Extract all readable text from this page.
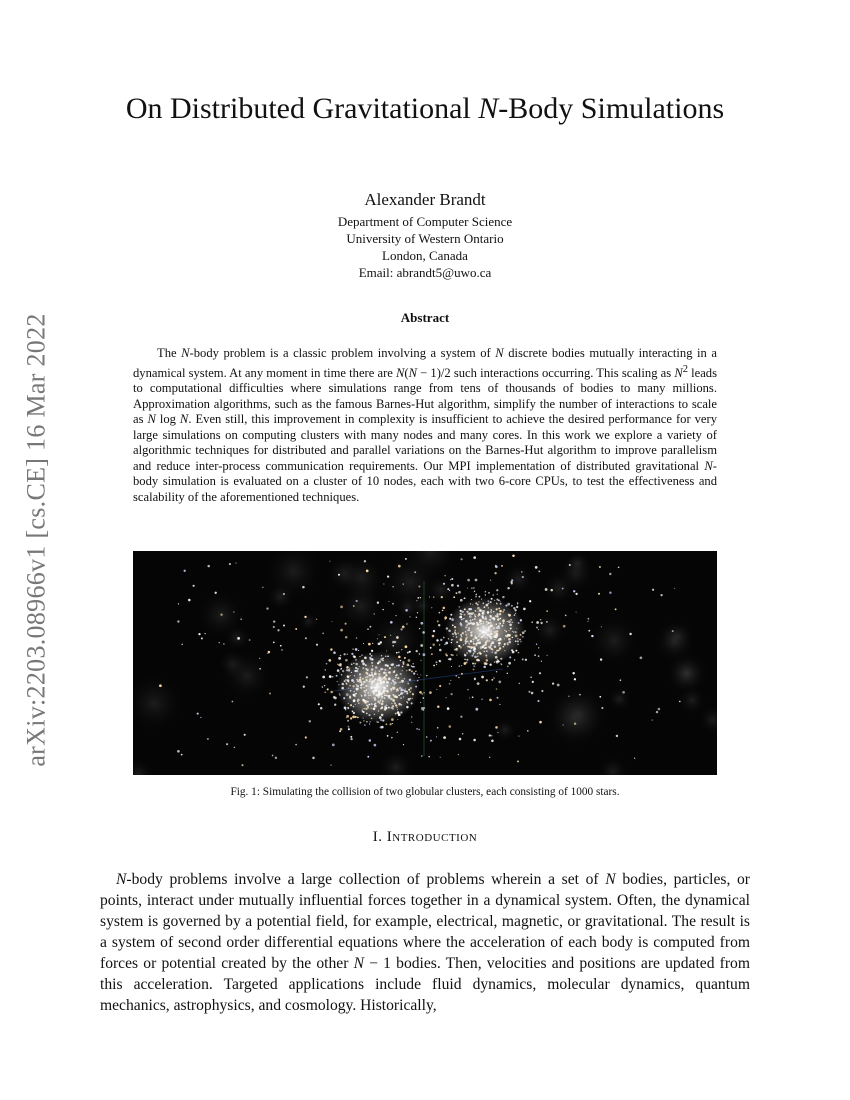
arXiv:2203.08966v1 [cs.CE] 16 Mar 2022
On Distributed Gravitational N-Body Simulations
Alexander Brandt
Department of Computer Science
University of Western Ontario
London, Canada
Email: abrandt5@uwo.ca
Abstract
The N-body problem is a classic problem involving a system of N discrete bodies mutually interacting in a dynamical system. At any moment in time there are N(N − 1)/2 such interactions occurring. This scaling as $N^2$ leads to computational difficulties where simulations range from tens of thousands of bodies to many millions. Approximation algorithms, such as the famous Barnes-Hut algorithm, simplify the number of interactions to scale as N log N. Even still, this improvement in complexity is insufficient to achieve the desired performance for very large simulations on computing clusters with many nodes and many cores. In this work we explore a variety of algorithmic techniques for distributed and parallel variations on the Barnes-Hut algorithm to improve parallelism and reduce inter-process communication requirements. Our MPI implementation of distributed gravitational N-body simulation is evaluated on a cluster of 10 nodes, each with two 6-core CPUs, to test the effectiveness and scalability of the aforementioned techniques.
Fig. 1: Simulating the collision of two globular clusters, each consisting of 1000 stars.
I. Introduction
N-body problems involve a large collection of problems wherein a set of N bodies, particles, or points, interact under mutually influential forces together in a dynamical system. Often, the dynamical system is governed by a potential field, for example, electrical, magnetic, or gravitational. The result is a system of second order differential equations where the acceleration of each body is computed from forces or potential created by the other N − 1 bodies. Then, velocities and positions are updated from this acceleration. Targeted applications include fluid dynamics, molecular dynamics, quantum mechanics, astrophysics, and cosmology. Historically,
